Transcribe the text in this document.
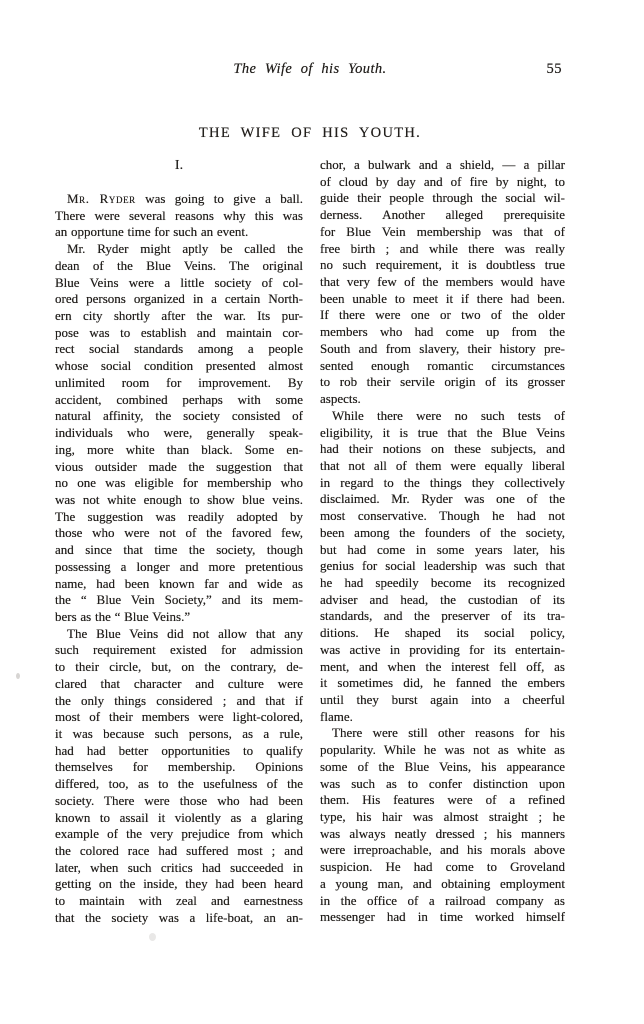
The Wife of his Youth.	55
THE WIFE OF HIS YOUTH.
I.
Mr. Ryder was going to give a ball.
There were several reasons why this was
an opportune time for such an event.
Mr. Ryder might aptly be called the
dean of the Blue Veins. The original
Blue Veins were a little society of col-
ored persons organized in a certain North-
ern city shortly after the war. Its pur-
pose was to establish and maintain cor-
rect social standards among a people
whose social condition presented almost
unlimited room for improvement. By
accident, combined perhaps with some
natural affinity, the society consisted of
individuals who were, generally speak-
ing, more white than black. Some en-
vious outsider made the suggestion that
no one was eligible for membership who
was not white enough to show blue veins.
The suggestion was readily adopted by
those who were not of the favored few,
and since that time the society, though
possessing a longer and more pretentious
name, had been known far and wide as
the “ Blue Vein Society,” and its mem-
bers as the “ Blue Veins.”
The Blue Veins did not allow that any
such requirement existed for admission
to their circle, but, on the contrary, de-
clared that character and culture were
the only things considered ; and that if
most of their members were light-colored,
it was because such persons, as a rule,
had had better opportunities to qualify
themselves for membership. Opinions
differed, too, as to the usefulness of the
society. There were those who had been
known to assail it violently as a glaring
example of the very prejudice from which
the colored race had suffered most ; and
later, when such critics had succeeded in
getting on the inside, they had been heard
to maintain with zeal and earnestness
that the society was a life-boat, an an-
chor, a bulwark and a shield, — a pillar
of cloud by day and of fire by night, to
guide their people through the social wil-
derness. Another alleged prerequisite
for Blue Vein membership was that of
free birth ; and while there was really
no such requirement, it is doubtless true
that very few of the members would have
been unable to meet it if there had been.
If there were one or two of the older
members who had come up from the
South and from slavery, their history pre-
sented enough romantic circumstances
to rob their servile origin of its grosser
aspects.
While there were no such tests of
eligibility, it is true that the Blue Veins
had their notions on these subjects, and
that not all of them were equally liberal
in regard to the things they collectively
disclaimed. Mr. Ryder was one of the
most conservative. Though he had not
been among the founders of the society,
but had come in some years later, his
genius for social leadership was such that
he had speedily become its recognized
adviser and head, the custodian of its
standards, and the preserver of its tra-
ditions. He shaped its social policy,
was active in providing for its entertain-
ment, and when the interest fell off, as
it sometimes did, he fanned the embers
until they burst again into a cheerful
flame.
There were still other reasons for his
popularity. While he was not as white as
some of the Blue Veins, his appearance
was such as to confer distinction upon
them. His features were of a refined
type, his hair was almost straight ; he
was always neatly dressed ; his manners
were irreproachable, and his morals above
suspicion. He had come to Groveland
a young man, and obtaining employment
in the office of a railroad company as
messenger had in time worked himself
